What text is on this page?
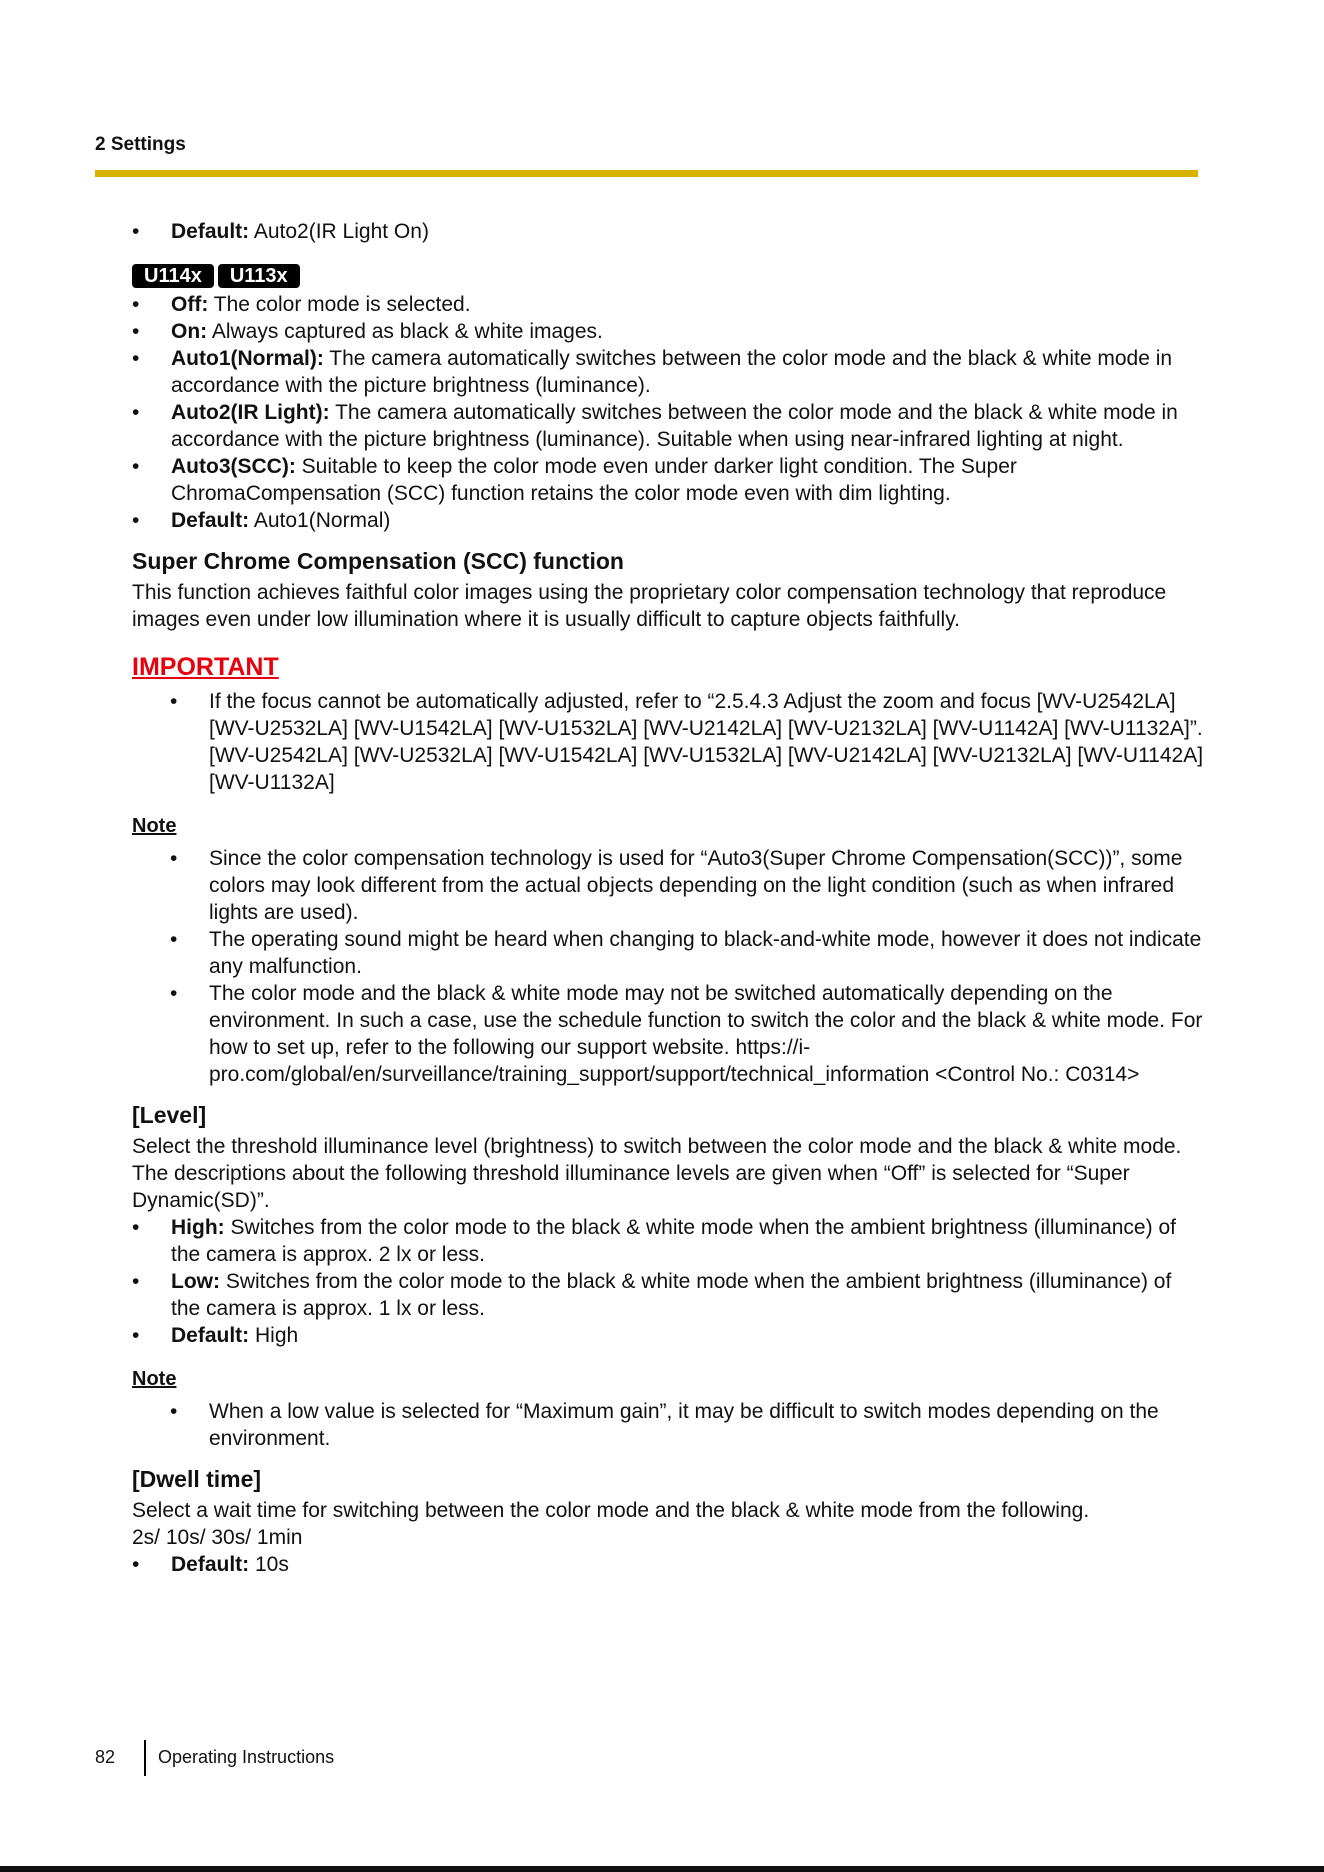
2 Settings
• Default: Auto2(IR Light On)
U114x U113x
• Off: The color mode is selected.
• On: Always captured as black & white images.
• Auto1(Normal): The camera automatically switches between the color mode and the black & white mode in accordance with the picture brightness (luminance).
• Auto2(IR Light): The camera automatically switches between the color mode and the black & white mode in accordance with the picture brightness (luminance). Suitable when using near-infrared lighting at night.
• Auto3(SCC): Suitable to keep the color mode even under darker light condition. The Super ChromaCompensation (SCC) function retains the color mode even with dim lighting.
• Default: Auto1(Normal)
Super Chrome Compensation (SCC) function

This function achieves faithful color images using the proprietary color compensation technology that reproduce images even under low illumination where it is usually difficult to capture objects faithfully.

IMPORTANT
• If the focus cannot be automatically adjusted, refer to “2.5.4.3 Adjust the zoom and focus [WV-U2542LA] [WV-U2532LA] [WV-U1542LA] [WV-U1532LA] [WV-U2142LA] [WV-U2132LA] [WV-U1142A] [WV-U1132A]”. [WV-U2542LA] [WV-U2532LA] [WV-U1542LA] [WV-U1532LA] [WV-U2142LA] [WV-U2132LA] [WV-U1142A] [WV-U1132A]
Note
• Since the color compensation technology is used for “Auto3(Super Chrome Compensation(SCC))”, some colors may look different from the actual objects depending on the light condition (such as when infrared lights are used).
• The operating sound might be heard when changing to black-and-white mode, however it does not indicate any malfunction.
• The color mode and the black & white mode may not be switched automatically depending on the environment. In such a case, use the schedule function to switch the color and the black & white mode. For how to set up, refer to the following our support website. https://i-pro.com/global/en/surveillance/training_support/support/technical_information <Control No.: C0314>
[Level]

Select the threshold illuminance level (brightness) to switch between the color mode and the black & white mode. The descriptions about the following threshold illuminance levels are given when “Off” is selected for “Super Dynamic(SD)”.

• High: Switches from the color mode to the black & white mode when the ambient brightness (illuminance) of the camera is approx. 2 lx or less.
• Low: Switches from the color mode to the black & white mode when the ambient brightness (illuminance) of the camera is approx. 1 lx or less.
• Default: High
Note
• When a low value is selected for “Maximum gain”, it may be difficult to switch modes depending on the environment.
[Dwell time]

Select a wait time for switching between the color mode and the black & white mode from the following.

2s/ 10s/ 30s/ 1min

• Default: 10s
82 Operating Instructions
